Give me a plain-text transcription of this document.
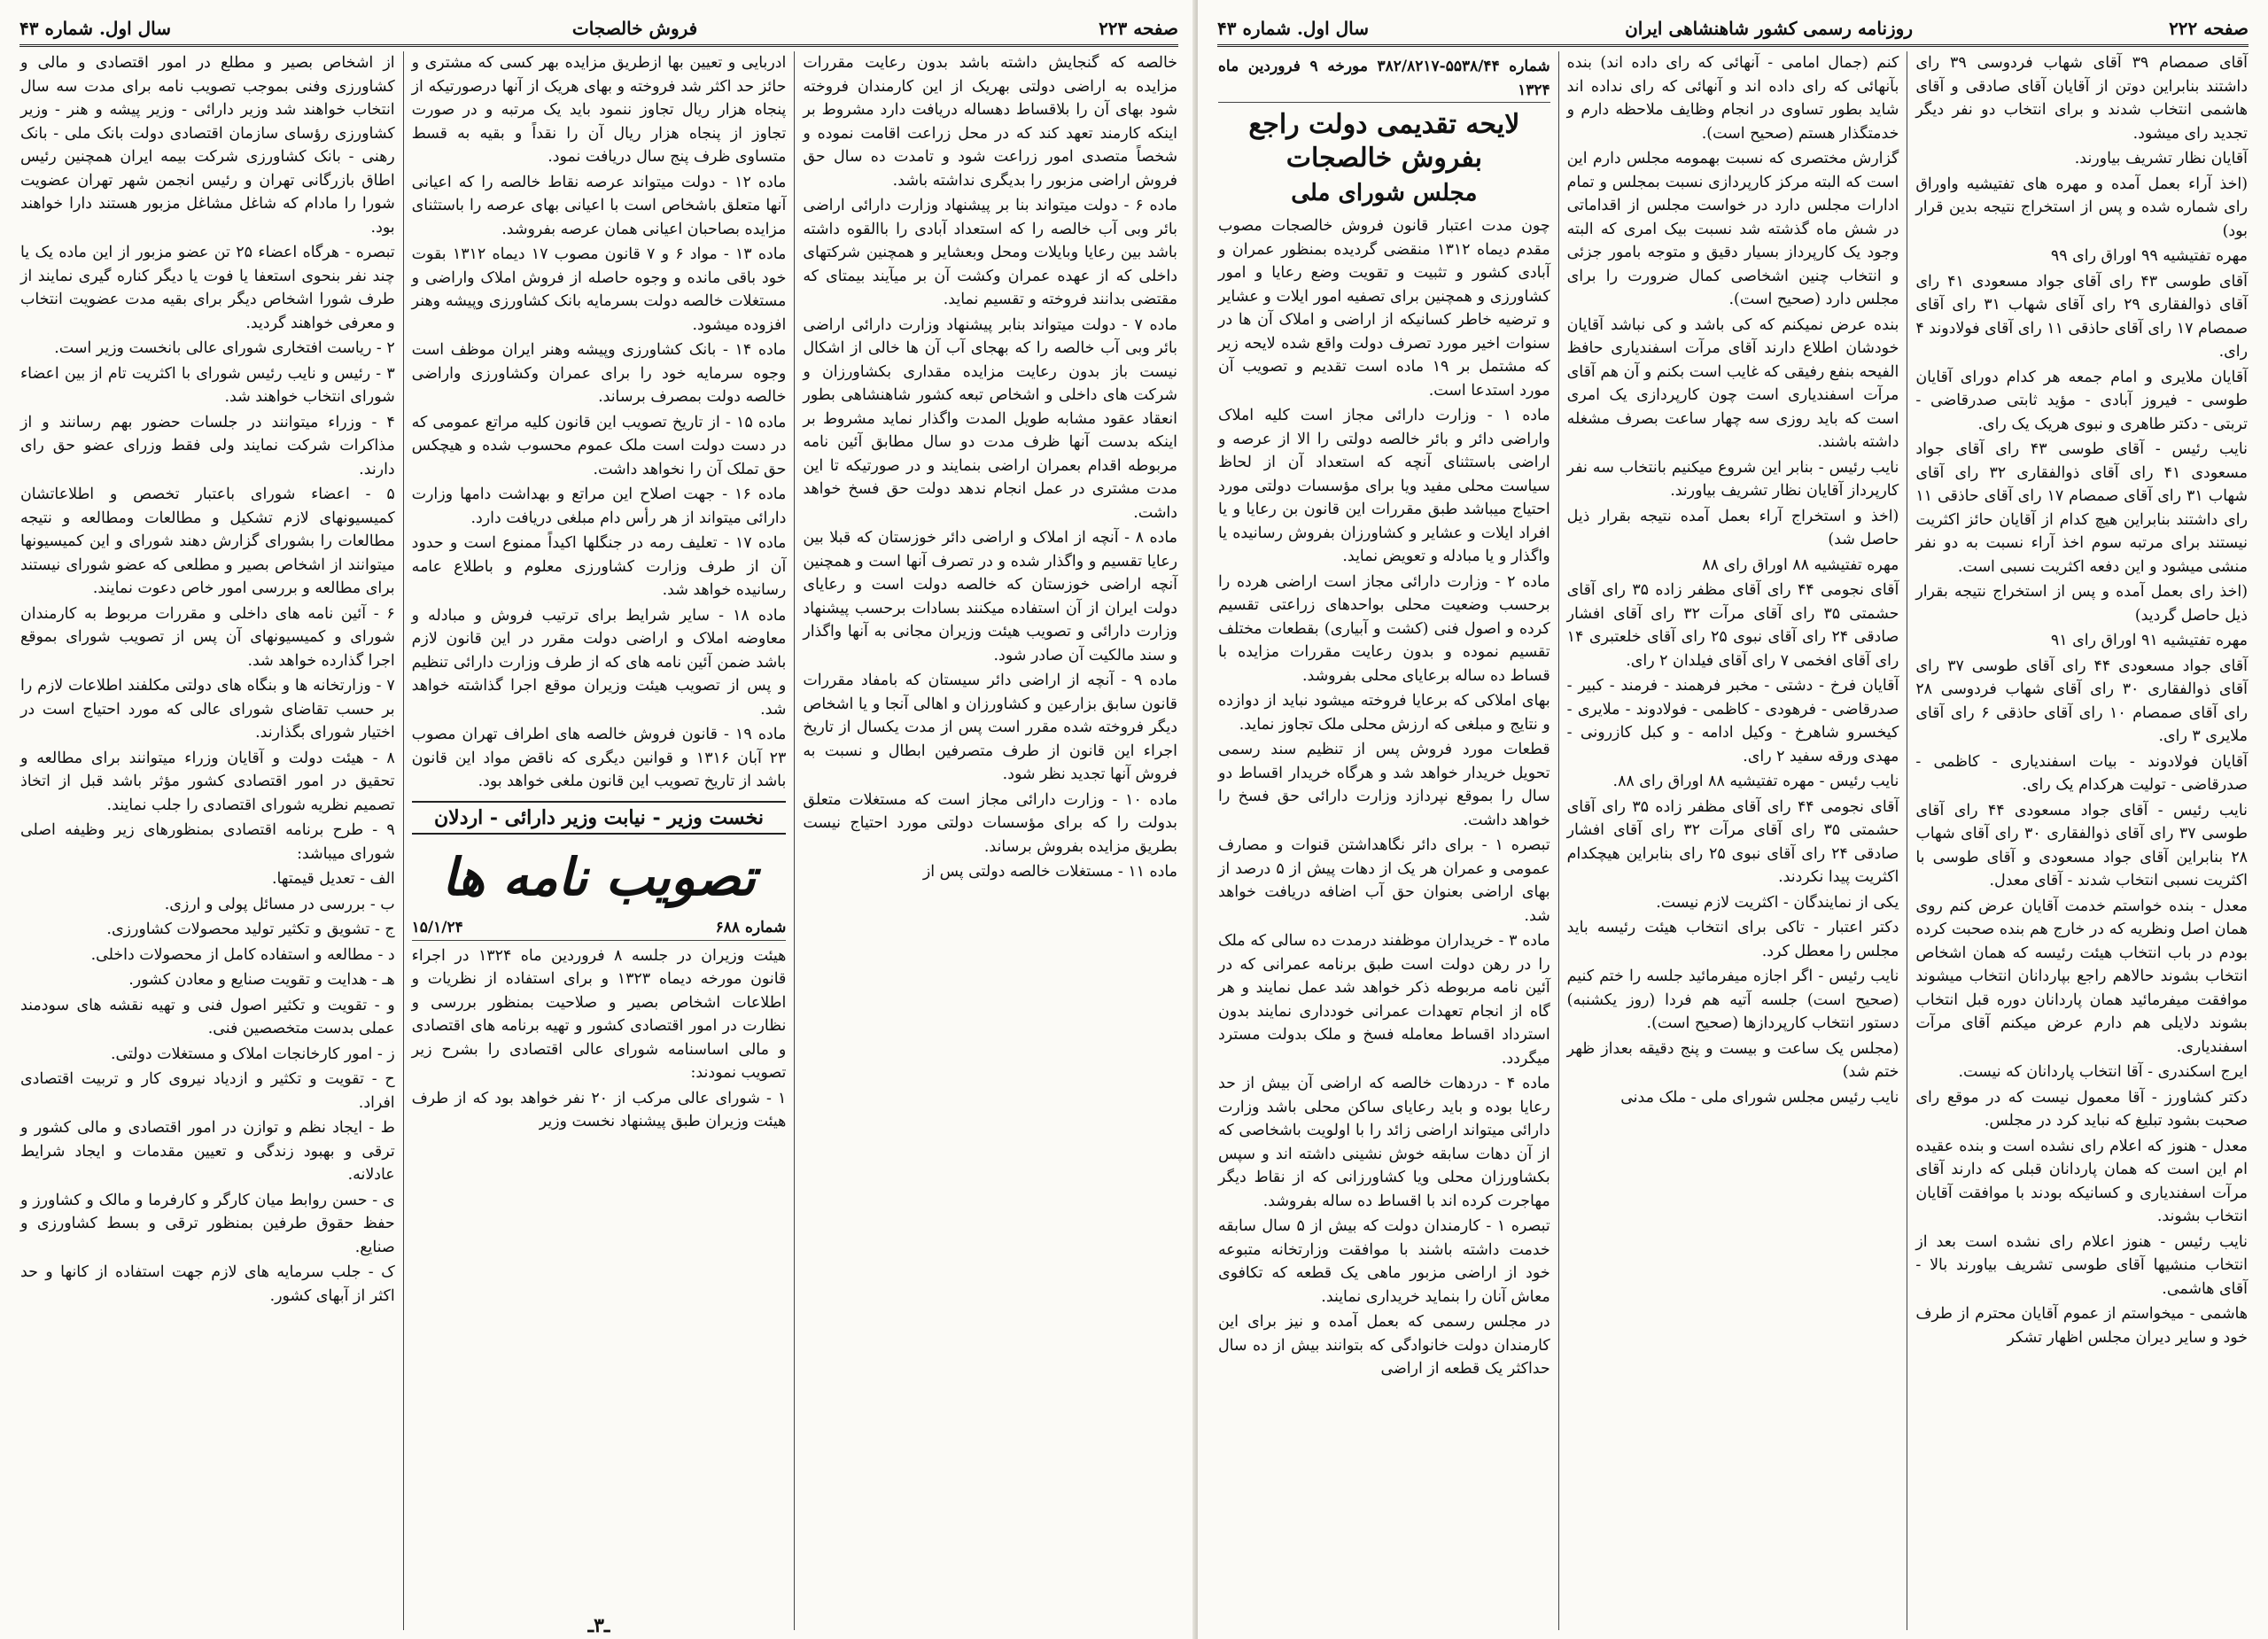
صفحه ۲۲۳
فروش خالصجات
سال اول. شماره ۴۳

خالصه که گنجایش داشته باشد بدون رعایت مقررات مزایده به اراضی دولتی بهریک از این کارمندان فروخته شود بهای آن را بلاقساط دهساله دریافت دارد مشروط بر اینکه کارمند تعهد کند که در محل زراعت اقامت نموده و شخصاً متصدی امور زراعت شود و تامدت ده سال حق فروش اراضی مزبور را بدیگری نداشته باشد.

ماده ۶ - دولت میتواند بنا بر پیشنهاد وزارت دارائی اراضی بائر وبی آب خالصه را که استعداد آبادی را باالقوه داشته باشد بین رعایا وبایلات ومحل وبعشایر و همچنین شرکتهای داخلی که از عهده عمران وکشت آن بر میآیند بیمتای که مقتضی بدانند فروخته و تقسیم نماید.

ماده ۷ - دولت میتواند بنابر پیشنهاد وزارت دارائی اراضی بائر وبی آب خالصه را که بهجای آب آن ها خالی از اشکال نیست باز بدون رعایت مزایده مقداری بکشاورزان و شرکت های داخلی و اشخاص تبعه کشور شاهنشاهی بطور انعقاد عقود مشابه طویل المدت واگذار نماید مشروط بر اینکه بدست آنها ظرف مدت دو سال مطابق آئین نامه مربوطه اقدام بعمران اراضی بنمایند و در صورتیکه تا این مدت مشتری در عمل انجام ندهد دولت حق فسخ خواهد داشت.

ماده ۸ - آنچه از املاک و اراضی دائر خوزستان که قبلا بین رعایا تقسیم و واگذار شده و در تصرف آنها است و همچنین آنچه اراضی خوزستان که خالصه دولت است و رعایای دولت ایران از آن استفاده میکنند بسادات برحسب پیشنهاد وزارت دارائی و تصویب هیئت وزیران مجانی به آنها واگذار و سند مالکیت آن صادر شود.

ماده ۹ - آنچه از اراضی دائر سیستان که بامفاد مقررات قانون سابق بزارعین و کشاورزان و اهالی آنجا و یا اشخاص دیگر فروخته شده مقرر است پس از مدت یکسال از تاریخ اجراء این قانون از طرف متصرفین ابطال و نسبت به فروش آنها تجدید نظر شود.

ماده ۱۰ - وزارت دارائی مجاز است که مستغلات متعلق بدولت را که برای مؤسسات دولتی مورد احتیاج نیست بطریق مزایده بفروش برساند.

ماده ۱۱ - مستغلات خالصه دولتی پس از

ادربایی و تعیین بها ازطریق مزایده بهر کسی که مشتری و حائز حد اکثر شد فروخته و بهای هریک از آنها درصورتیکه از پنجاه هزار ریال تجاوز ننمود باید یک مرتبه و در صورت تجاوز از پنجاه هزار ریال آن را نقداً و بقیه به قسط متساوی ظرف پنج سال دریافت نمود.

ماده ۱۲ - دولت میتواند عرصه نقاط خالصه را که اعیانی آنها متعلق باشخاص است با اعیانی بهای عرصه را باستثنای مزایده بصاحبان اعیانی همان عرصه بفروشد.

ماده ۱۳ - مواد ۶ و ۷ قانون مصوب ۱۷ دیماه ۱۳۱۲ بقوت خود باقی مانده و وجوه حاصله از فروش املاک واراضی و مستغلات خالصه دولت بسرمایه بانک کشاورزی وپیشه وهنر افزوده میشود.

ماده ۱۴ - بانک کشاورزی وپیشه وهنر ایران موظف است وجوه سرمایه خود را برای عمران وکشاورزی واراضی خالصه دولت بمصرف برساند.

ماده ۱۵ - از تاریخ تصویب این قانون کلیه مراتع عمومی که در دست دولت است ملک عموم محسوب شده و هیچکس حق تملک آن را نخواهد داشت.

ماده ۱۶ - جهت اصلاح این مراتع و بهداشت دامها وزارت دارائی میتواند از هر رأس دام مبلغی دریافت دارد.

ماده ۱۷ - تعلیف رمه در جنگلها اکیداً ممنوع است و حدود آن از طرف وزارت کشاورزی معلوم و باطلاع عامه رسانیده خواهد شد.

ماده ۱۸ - سایر شرایط برای ترتیب فروش و مبادله و معاوضه املاک و اراضی دولت مقرر در این قانون لازم باشد ضمن آئین نامه های که از طرف وزارت دارائی تنظیم و پس از تصویب هیئت وزیران موقع اجرا گذاشته خواهد شد.

ماده ۱۹ - قانون فروش خالصه های اطراف تهران مصوب ۲۳ آبان ۱۳۱۶ و قوانین دیگری که ناقض مواد این قانون باشد از تاریخ تصویب این قانون ملغی خواهد بود.

نخست وزیر - نیابت وزیر دارائی - اردلان
تصویب نامه ها
شماره ۶۸۸
۱۵/۱/۲۴

هیئت وزیران در جلسه ۸ فروردین ماه ۱۳۲۴ در اجراء قانون مورخه دیماه ۱۳۲۳ و برای استفاده از نظریات و اطلاعات اشخاص بصیر و صلاحیت بمنظور بررسی و نظارت در امور اقتصادی کشور و تهیه برنامه های اقتصادی و مالی اساسنامه شورای عالی اقتصادی را بشرح زیر تصویب نمودند:

۱ - شورای عالی مرکب از ۲۰ نفر خواهد بود که از طرف هیئت وزیران طبق پیشنهاد نخست وزیر

از اشخاص بصیر و مطلع در امور اقتصادی و مالی و کشاورزی وفنی بموجب تصویب نامه برای مدت سه سال انتخاب خواهند شد وزیر دارائی - وزیر پیشه و هنر - وزیر کشاورزی رؤسای سازمان اقتصادی دولت بانک ملی - بانک رهنی - بانک کشاورزی شرکت بیمه ایران همچنین رئیس اطاق بازرگانی تهران و رئیس انجمن شهر تهران عضویت شورا را مادام که شاغل مشاغل مزبور هستند دارا خواهند بود.

تبصره - هرگاه اعضاء ۲۵ تن عضو مزبور از این ماده یک یا چند نفر بنحوی استعفا یا فوت یا دیگر کناره گیری نمایند از طرف شورا اشخاص دیگر برای بقیه مدت عضویت انتخاب و معرفی خواهند گردید.

۲ - ریاست افتخاری شورای عالی بانخست وزیر است.

۳ - رئیس و نایب رئیس شورای با اکثریت تام از بین اعضاء شورای انتخاب خواهند شد.

۴ - وزراء میتوانند در جلسات حضور بهم رسانند و از مذاکرات شرکت نمایند ولی فقط وزرای عضو حق رای دارند.

۵ - اعضاء شورای باعتبار تخصص و اطلاعاتشان کمیسیونهای لازم تشکیل و مطالعات ومطالعه و نتیجه مطالعات را بشورای گزارش دهند شورای و این کمیسیونها میتوانند از اشخاص بصیر و مطلعی که عضو شورای نیستند برای مطالعه و بررسی امور خاص دعوت نمایند.

۶ - آئین نامه های داخلی و مقررات مربوط به کارمندان شورای و کمیسیونهای آن پس از تصویب شورای بموقع اجرا گذارده خواهد شد.

۷ - وزارتخانه ها و بنگاه های دولتی مکلفند اطلاعات لازم را بر حسب تقاضای شورای عالی که مورد احتیاج است در اختیار شورای بگذارند.

۸ - هیئت دولت و آقایان وزراء میتوانند برای مطالعه و تحقیق در امور اقتصادی کشور مؤثر باشد قبل از اتخاذ تصمیم نظریه شورای اقتصادی را جلب نمایند.

۹ - طرح برنامه اقتصادی بمنظورهای زیر وظیفه اصلی شورای میباشد:

الف - تعدیل قیمتها.

ب - بررسی در مسائل پولی و ارزی.

ج - تشویق و تکثیر تولید محصولات کشاورزی.

د - مطالعه و استفاده کامل از محصولات داخلی.

هـ - هدایت و تقویت صنایع و معادن کشور.

و - تقویت و تکثیر اصول فنی و تهیه نقشه های سودمند عملی بدست متخصصین فنی.

ز - امور کارخانجات املاک و مستغلات دولتی.

ح - تقویت و تکثیر و ازدیاد نیروی کار و تربیت اقتصادی افراد.

ط - ایجاد نظم و توازن در امور اقتصادی و مالی کشور و ترقی و بهبود زندگی و تعیین مقدمات و ایجاد شرایط عادلانه.

ی - حسن روابط میان کارگر و کارفرما و مالک و کشاورز و حفظ حقوق طرفین بمنظور ترقی و بسط کشاورزی و صنایع.

ک - جلب سرمایه های لازم جهت استفاده از کانها و حد اکثر از آبهای کشور.

ـ۳ـ
صفحه ۲۲۲
روزنامه رسمی کشور شاهنشاهی ایران
سال اول. شماره ۴۳

آقای صمصام ۳۹ آقای شهاب فردوسی ۳۹ رای داشتند بنابراین دوتن از آقایان آقای صادقی و آقای هاشمی انتخاب شدند و برای انتخاب دو نفر دیگر تجدید رای میشود.

آقایان نظار تشریف بیاورند.

(اخذ آراء بعمل آمده و مهره های تفتیشیه واوراق رای شماره شده و پس از استخراج نتیجه بدین قرار بود)

مهره تفتیشیه ۹۹ اوراق رای ۹۹

آقای طوسی ۴۳ رای آقای جواد مسعودی ۴۱ رای آقای ذوالفقاری ۲۹ رای آقای شهاب ۳۱ رای آقای صمصام ۱۷ رای آقای حاذقی ۱۱ رای آقای فولادوند ۴ رای.

آقایان ملایری و امام جمعه هر کدام دورای آقایان طوسی - فیروز آبادی - مؤید ثابتی صدرقاضی - تربتی - دکتر طاهری و نبوی هریک یک رای.

نایب رئیس - آقای طوسی ۴۳ رای آقای جواد مسعودی ۴۱ رای آقای ذوالفقاری ۳۲ رای آقای شهاب ۳۱ رای آقای صمصام ۱۷ رای آقای حاذقی ۱۱ رای داشتند بنابراین هیچ کدام از آقایان حائز اکثریت نیستند برای مرتبه سوم اخذ آراء نسبت به دو نفر منشی میشود و این دفعه اکثریت نسبی است.

(اخذ رای بعمل آمده و پس از استخراج نتیجه بقرار ذیل حاصل گردید)

مهره تفتیشیه ۹۱ اوراق رای ۹۱

آقای جواد مسعودی ۴۴ رای آقای طوسی ۳۷ رای آقای ذوالفقاری ۳۰ رای آقای شهاب فردوسی ۲۸ رای آقای صمصام ۱۰ رای آقای حاذقی ۶ رای آقای ملایری ۳ رای.

آقایان فولادوند - بیات اسفندیاری - کاظمی - صدرقاضی - تولیت هرکدام یک رای.

نایب رئیس - آقای جواد مسعودی ۴۴ رای آقای طوسی ۳۷ رای آقای ذوالفقاری ۳۰ رای آقای شهاب ۲۸ بنابراین آقای جواد مسعودی و آقای طوسی با اکثریت نسبی انتخاب شدند - آقای معدل.

معدل - بنده خواستم خدمت آقایان عرض کنم روی همان اصل ونظریه که در خارج هم بنده صحبت کرده بودم در باب انتخاب هیئت رئیسه که همان اشخاص انتخاب بشوند حالاهم راجع بپاردانان انتخاب میشوند موافقت میفرمائید همان پاردانان دوره قبل انتخاب بشوند دلایلی هم دارم عرض میکنم آقای مرآت اسفندیاری.

ایرج اسکندری - آقا انتخاب پاردانان که نیست.

دکتر کشاورز - آقا معمول نیست که در موقع رای صحبت بشود تبلیغ که نباید کرد در مجلس.

معدل - هنوز که اعلام رای نشده است و بنده عقیده ام این است که همان پاردانان قبلی که دارند آقای مرآت اسفندیاری و کسانیکه بودند با موافقت آقایان انتخاب بشوند.

نایب رئیس - هنوز اعلام رای نشده است بعد از انتخاب منشیها آقای طوسی تشریف بیاورند بالا - آقای هاشمی.

هاشمی - میخواستم از عموم آقایان محترم از طرف خود و سایر دیران مجلس اظهار تشکر

کنم (جمال امامی - آنهائی که رای داده اند) بنده بآنهائی که رای داده اند و آنهائی که رای نداده اند شاید بطور تساوی در انجام وظایف ملاحظه دارم و خدمتگذار هستم (صحیح است).

گزارش مختصری که نسبت بهمومه مجلس دارم این است که البته مرکز کارپردازی نسبت بمجلس و تمام ادارات مجلس دارد در خواست مجلس از اقداماتی در شش ماه گذشته شد نسبت بیک امری که البته وجود یک کارپرداز بسیار دقیق و متوجه بامور جزئی و انتخاب چنین اشخاصی کمال ضرورت را برای مجلس دارد (صحیح است).

بنده عرض نمیکنم که کی باشد و کی نباشد آقایان خودشان اطلاع دارند آقای مرآت اسفندیاری حافظ الفیحه بنفع رفیقی که غایب است بکنم و آن هم آقای مرآت اسفندیاری است چون کارپردازی یک امری است که باید روزی سه چهار ساعت بصرف مشغله داشته باشند.

نایب رئیس - بنابر این شروع میکنیم بانتخاب سه نفر کارپرداز آقایان نظار تشریف بیاورند.

(اخذ و استخراج آراء بعمل آمده نتیجه بقرار ذیل حاصل شد)

مهره تفتیشیه ۸۸ اوراق رای ۸۸

آقای نجومی ۴۴ رای آقای مظفر زاده ۳۵ رای آقای حشمتی ۳۵ رای آقای مرآت ۳۲ رای آقای افشار صادقی ۲۴ رای آقای نبوی ۲۵ رای آقای خلعتبری ۱۴ رای آقای افخمی ۷ رای آقای فیلدان ۲ رای.

آقایان فرخ - دشتی - مخبر فرهمند - فرمند - کبیر - صدرقاضی - فرهودی - کاظمی - فولادوند - ملایری - کیخسرو شاهرخ - وکیل ادامه - و کبل کازرونی - مهدی ورقه سفید ۲ رای.

نایب رئیس - مهره تفتیشیه ۸۸ اوراق رای ۸۸.

آقای نجومی ۴۴ رای آقای مظفر زاده ۳۵ رای آقای حشمتی ۳۵ رای آقای مرآت ۳۲ رای آقای افشار صادقی ۲۴ رای آقای نبوی ۲۵ رای بنابراین هیچکدام اکثریت پیدا نکردند.

یکی از نمایندگان - اکثریت لازم نیست.

دکتر اعتبار - تاکی برای انتخاب هیئت رئیسه باید مجلس را معطل کرد.

نایب رئیس - اگر اجازه میفرمائید جلسه را ختم کنیم (صحیح است) جلسه آتیه هم فردا (روز یکشنبه) دستور انتخاب کارپردازها (صحیح است).

(مجلس یک ساعت و بیست و پنج دقیقه بعداز ظهر ختم شد)

نایب رئیس مجلس شورای ملی - ملک مدنی

شماره ۵۵۳۸/۴۴-۳۸۲/۸۲۱۷ مورخه ۹ فروردین ماه ۱۳۲۴
لایحه تقدیمی دولت راجع بفروش خالصجات
مجلس شورای ملی

چون مدت اعتبار قانون فروش خالصجات مصوب مقدم دیماه ۱۳۱۲ منقضی گردیده بمنظور عمران و آبادی کشور و تثبیت و تقویت وضع رعایا و امور کشاورزی و همچنین برای تصفیه امور ایلات و عشایر و ترضیه خاطر کسانیکه از اراضی و املاک آن ها در سنوات اخیر مورد تصرف دولت واقع شده لایحه زیر که مشتمل بر ۱۹ ماده است تقدیم و تصویب آن مورد استدعا است.

ماده ۱ - وزارت دارائی مجاز است کلیه املاک واراضی دائر و بائر خالصه دولتی را الا از عرصه و اراضی باستثنای آنچه که استعداد آن از لحاظ سیاست محلی مفید ویا برای مؤسسات دولتی مورد احتیاج میباشد طبق مقررات این قانون بن رعایا و یا افراد ایلات و عشایر و کشاورزان بفروش رسانیده یا واگذار و یا مبادله و تعویض نماید.

ماده ۲ - وزارت دارائی مجاز است اراضی هرده را برحسب وضعیت محلی بواحدهای زراعتی تقسیم کرده و اصول فنی (کشت و آبیاری) بقطعات مختلف تقسیم نموده و بدون رعایت مقررات مزایده با قساط ده ساله برعایای محلی بفروشد.

بهای املاکی که برعایا فروخته میشود نباید از دوازده و نتایج و مبلغی که ارزش محلی ملک تجاوز نماید.

قطعات مورد فروش پس از تنظیم سند رسمی تحویل خریدار خواهد شد و هرگاه خریدار اقساط دو سال را بموقع نپردازد وزارت دارائی حق فسخ را خواهد داشت.

تبصره ۱ - برای دائر نگاهداشتن قنوات و مصارف عمومی و عمران هر یک از دهات پیش از ۵ درصد از بهای اراضی بعنوان حق آب اضافه دریافت خواهد شد.

ماده ۳ - خریداران موظفند درمدت ده سالی که ملک را در رهن دولت است طبق برنامه عمرانی که در آئین نامه مربوطه ذکر خواهد شد عمل نمایند و هر گاه از انجام تعهدات عمرانی خودداری نمایند بدون استرداد اقساط معامله فسخ و ملک بدولت مسترد میگردد.

ماده ۴ - دردهات خالصه که اراضی آن بیش از حد رعایا بوده و باید رعایای ساکن محلی باشد وزارت دارائی میتواند اراضی زائد را با اولویت باشخاصی که از آن دهات سابقه خوش نشینی داشته اند و سپس بکشاورزان محلی ویا کشاورزانی که از نقاط دیگر مهاجرت کرده اند با اقساط ده ساله بفروشد.

تبصره ۱ - کارمندان دولت که بیش از ۵ سال سابقه خدمت داشته باشند با موافقت وزارتخانه متبوعه خود از اراضی مزبور ماهی یک قطعه که تکافوی معاش آنان را بنماید خریداری نمایند.

در مجلس رسمی که بعمل آمده و نیز برای این کارمندان دولت خانوادگی که بتوانند بیش از ده سال حداکثر یک قطعه از اراضی
